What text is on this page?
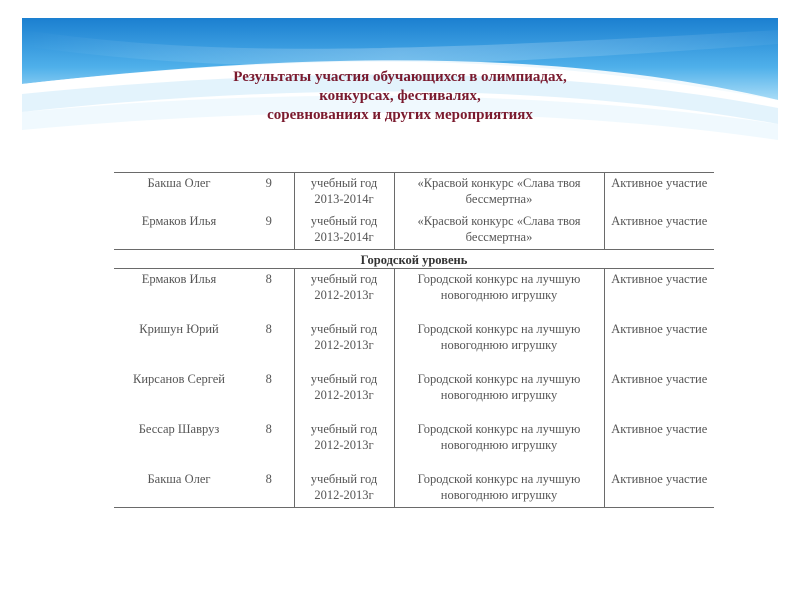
Результаты участия обучающихся в олимпиадах,
конкурсах, фестивалях,
соревнованиях и других мероприятиях
Бакша Олег	9	учебный год 2013-2014г	«Красвой конкурс «Слава твоя бессмертна»	Активное участие
Ермаков Илья	9	учебный год 2013-2014г	«Красвой конкурс «Слава твоя бессмертна»	Активное участие
Городской уровень				
Ермаков Илья	8	учебный год 2012-2013г	Городской конкурс на лучшую новогоднюю игрушку	Активное участие
Кришун Юрий	8	учебный год 2012-2013г	Городской конкурс на лучшую новогоднюю игрушку	Активное участие
Кирсанов Сергей	8	учебный год 2012-2013г	Городской конкурс на лучшую новогоднюю игрушку	Активное участие
Бессар Шавруз	8	учебный год 2012-2013г	Городской конкурс на лучшую новогоднюю игрушку	Активное участие
Бакша Олег	8	учебный год 2012-2013г	Городской конкурс на лучшую новогоднюю игрушку	Активное участие
